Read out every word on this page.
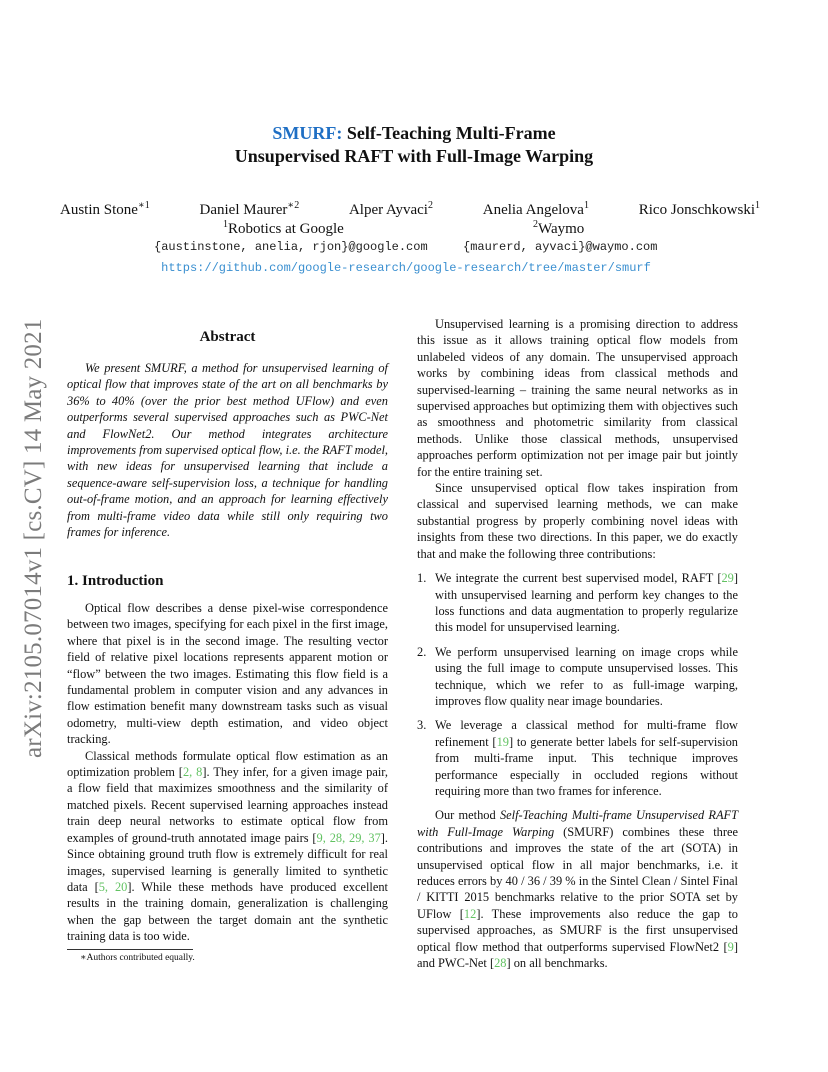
arXiv:2105.07014v1 [cs.CV] 14 May 2021
SMURF: Self-Teaching Multi-Frame
Unsupervised RAFT with Full-Image Warping
Austin Stone$^{∗1}$	Daniel Maurer$^{∗2}$	Alper Ayvaci$^2$	Anelia Angelova$^1$	Rico Jonschkowski$^1$
$^1$Robotics at Google	$^2$Waymo
{austinstone, anelia, rjon}@google.com	{maurerd, ayvaci}@waymo.com
https://github.com/google-research/google-research/tree/master/smurf
Abstract

We present SMURF, a method for unsupervised learning of optical flow that improves state of the art on all benchmarks by 36% to 40% (over the prior best method UFlow) and even outperforms several supervised approaches such as PWC-Net and FlowNet2. Our method integrates architecture improvements from supervised optical flow, i.e. the RAFT model, with new ideas for unsupervised learning that include a sequence-aware self-supervision loss, a technique for handling out-of-frame motion, and an approach for learning effectively from multi-frame video data while still only requiring two frames for inference.

1. Introduction

Optical flow describes a dense pixel-wise correspondence between two images, specifying for each pixel in the first image, where that pixel is in the second image. The resulting vector field of relative pixel locations represents apparent motion or “flow” between the two images. Estimating this flow field is a fundamental problem in computer vision and any advances in flow estimation benefit many downstream tasks such as visual odometry, multi-view depth estimation, and video object tracking.

Classical methods formulate optical flow estimation as an optimization problem [2, 8]. They infer, for a given image pair, a flow field that maximizes smoothness and the similarity of matched pixels. Recent supervised learning approaches instead train deep neural networks to estimate optical flow from examples of ground-truth annotated image pairs [9, 28, 29, 37]. Since obtaining ground truth flow is extremely difficult for real images, supervised learning is generally limited to synthetic data [5, 20]. While these methods have produced excellent results in the training domain, generalization is challenging when the gap between the target domain ant the synthetic training data is too wide.

Unsupervised learning is a promising direction to address this issue as it allows training optical flow models from unlabeled videos of any domain. The unsupervised approach works by combining ideas from classical methods and supervised-learning – training the same neural networks as in supervised approaches but optimizing them with objectives such as smoothness and photometric similarity from classical methods. Unlike those classical methods, unsupervised approaches perform optimization not per image pair but jointly for the entire training set.

Since unsupervised optical flow takes inspiration from classical and supervised learning methods, we can make substantial progress by properly combining novel ideas with insights from these two directions. In this paper, we do exactly that and make the following three contributions:

1. We integrate the current best supervised model, RAFT [29] with unsupervised learning and perform key changes to the loss functions and data augmentation to properly regularize this model for unsupervised learning.
2. We perform unsupervised learning on image crops while using the full image to compute unsupervised losses. This technique, which we refer to as full-image warping, improves flow quality near image boundaries.
3. We leverage a classical method for multi-frame flow refinement [19] to generate better labels for self-supervision from multi-frame input. This technique improves performance especially in occluded regions without requiring more than two frames for inference.

Our method Self-Teaching Multi-frame Unsupervised RAFT with Full-Image Warping (SMURF) combines these three contributions and improves the state of the art (SOTA) in unsupervised optical flow in all major benchmarks, i.e. it reduces errors by 40 / 36 / 39 % in the Sintel Clean / Sintel Final / KITTI 2015 benchmarks relative to the prior SOTA set by UFlow [12]. These improvements also reduce the gap to supervised approaches, as SMURF is the first unsupervised optical flow method that outperforms supervised FlowNet2 [9] and PWC-Net [28] on all benchmarks.

∗Authors contributed equally.
